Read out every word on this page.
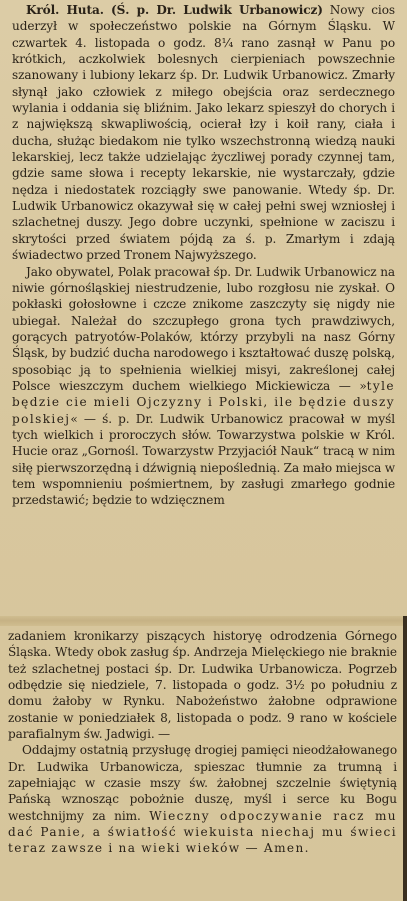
Król. Huta. (Ś. p. Dr. Ludwik Urbanowicz) Nowy cios uderzył w społeczeństwo polskie na Górnym Śląsku. W czwartek 4. listopada o godz. 8¼ rano zasnął w Panu po krótkich, aczkolwiek bolesnych cierpieniach powszechnie szanowany i lubiony lekarz śp. Dr. Ludwik Urbanowicz. Zmarły słynął jako człowiek z miłego obejścia oraz serdecznego wylania i oddania się bliźnim. Jako lekarz spieszył do chorych i z największą skwapliwością, ocierał łzy i koił rany, ciała i ducha, służąc biedakom nie tylko wszechstronną wiedzą nauki lekarskiej, lecz także udzielając życzliwej porady czynnej tam, gdzie same słowa i recepty lekarskie, nie wystarczały, gdzie nędza i niedostatek rozciągły swe panowanie. Wtedy śp. Dr. Ludwik Urbanowicz okazywał się w całej pełni swej wzniosłej i szlachetnej duszy. Jego dobre uczynki, spełnione w zaciszu i skrytości przed światem pójdą za ś. p. Zmarłym i zdają świadectwo przed Tronem Najwyższego.

Jako obywatel, Polak pracował śp. Dr. Ludwik Urbanowicz na niwie górnośląskiej niestrudzenie, lubo rozgłosu nie zyskał. O pokłaski gołosłowne i czcze znikome zaszczyty się nigdy nie ubiegał. Należał do szczupłego grona tych prawdziwych, gorących patryotów-Polaków, którzy przybyli na nasz Górny Śląsk, by budzić ducha narodowego i kształtować duszę polską, sposobiąc ją to spełnienia wielkiej misyi, zakreślonej całej Polsce wieszczym duchem wielkiego Mickiewicza — »tyle będzie cie mieli Ojczyzny i Polski, ile będzie duszy polskiej« — ś. p. Dr. Ludwik Urbanowicz pracował w myśl tych wielkich i proroczych słów. Towarzystwa polskie w Król. Hucie oraz „Gornośl. Towarzystw Przyjaciół Nauk“ tracą w nim siłę pierwszorzędną i dźwignią niepoślednią. Za mało miejsca w tem wspomnieniu pośmiertnem, by zasługi zmarłego godnie przedstawić; będzie to wdzięcznem

zadaniem kronikarzy piszących historyę odrodzenia Górnego Śląska. Wtedy obok zasług śp. Andrzeja Mielęckiego nie braknie też szlachetnej postaci śp. Dr. Ludwika Urbanowicza. Pogrzeb odbędzie się niedziele, 7. listopada o godz. 3½ po południu z domu żałoby w Rynku. Nabożeństwo żałobne odprawione zostanie w poniedziałek 8, listopada o podz. 9 rano w kościele parafialnym św. Jadwigi. —

Oddajmy ostatnią przysługę drogiej pamięci nieodżałowanego Dr. Ludwika Urbanowicza, spieszac tłumnie za trumną i zapełniając w czasie mszy św. żałobnej szczelnie świętynią Pańską wznosząc pobożnie duszę, myśl i serce ku Bogu westchnijmy za nim. Wieczny odpoczywanie racz mu dać Panie, a światłość wiekuista niechaj mu świeci teraz zawsze i na wieki wieków — Amen.
